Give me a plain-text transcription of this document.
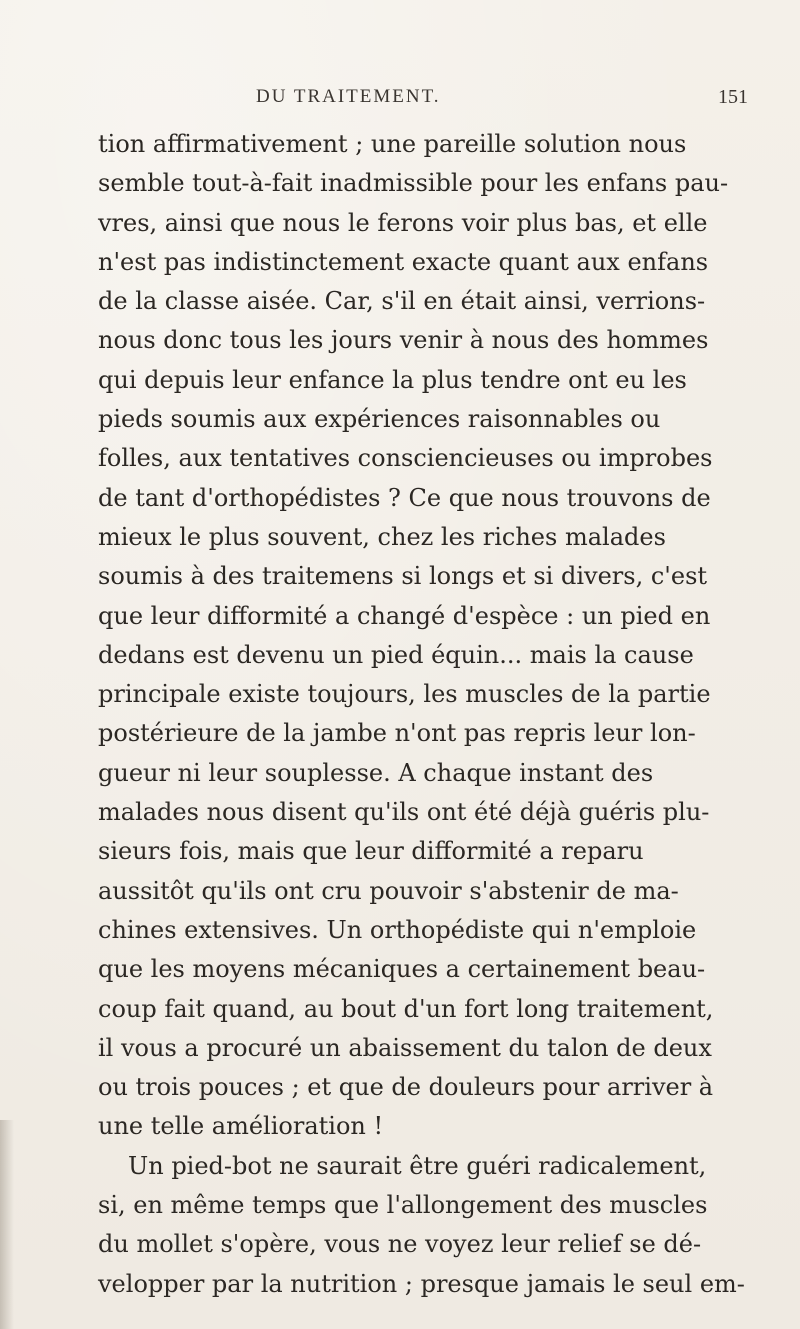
DU TRAITEMENT.	151
tion affirmativement ; une pareille solution nous
semble tout-à-fait inadmissible pour les enfans pau-
vres, ainsi que nous le ferons voir plus bas, et elle
n'est pas indistinctement exacte quant aux enfans
de la classe aisée. Car, s'il en était ainsi, verrions-
nous donc tous les jours venir à nous des hommes
qui depuis leur enfance la plus tendre ont eu les
pieds soumis aux expériences raisonnables ou
folles, aux tentatives consciencieuses ou improbes
de tant d'orthopédistes ? Ce que nous trouvons de
mieux le plus souvent, chez les riches malades
soumis à des traitemens si longs et si divers, c'est
que leur difformité a changé d'espèce : un pied en
dedans est devenu un pied équin... mais la cause
principale existe toujours, les muscles de la partie
postérieure de la jambe n'ont pas repris leur lon-
gueur ni leur souplesse. A chaque instant des
malades nous disent qu'ils ont été déjà guéris plu-
sieurs fois, mais que leur difformité a reparu
aussitôt qu'ils ont cru pouvoir s'abstenir de ma-
chines extensives. Un orthopédiste qui n'emploie
que les moyens mécaniques a certainement beau-
coup fait quand, au bout d'un fort long traitement,
il vous a procuré un abaissement du talon de deux
ou trois pouces ; et que de douleurs pour arriver à
une telle amélioration !
Un pied-bot ne saurait être guéri radicalement,
si, en même temps que l'allongement des muscles
du mollet s'opère, vous ne voyez leur relief se dé-
velopper par la nutrition ; presque jamais le seul em-
